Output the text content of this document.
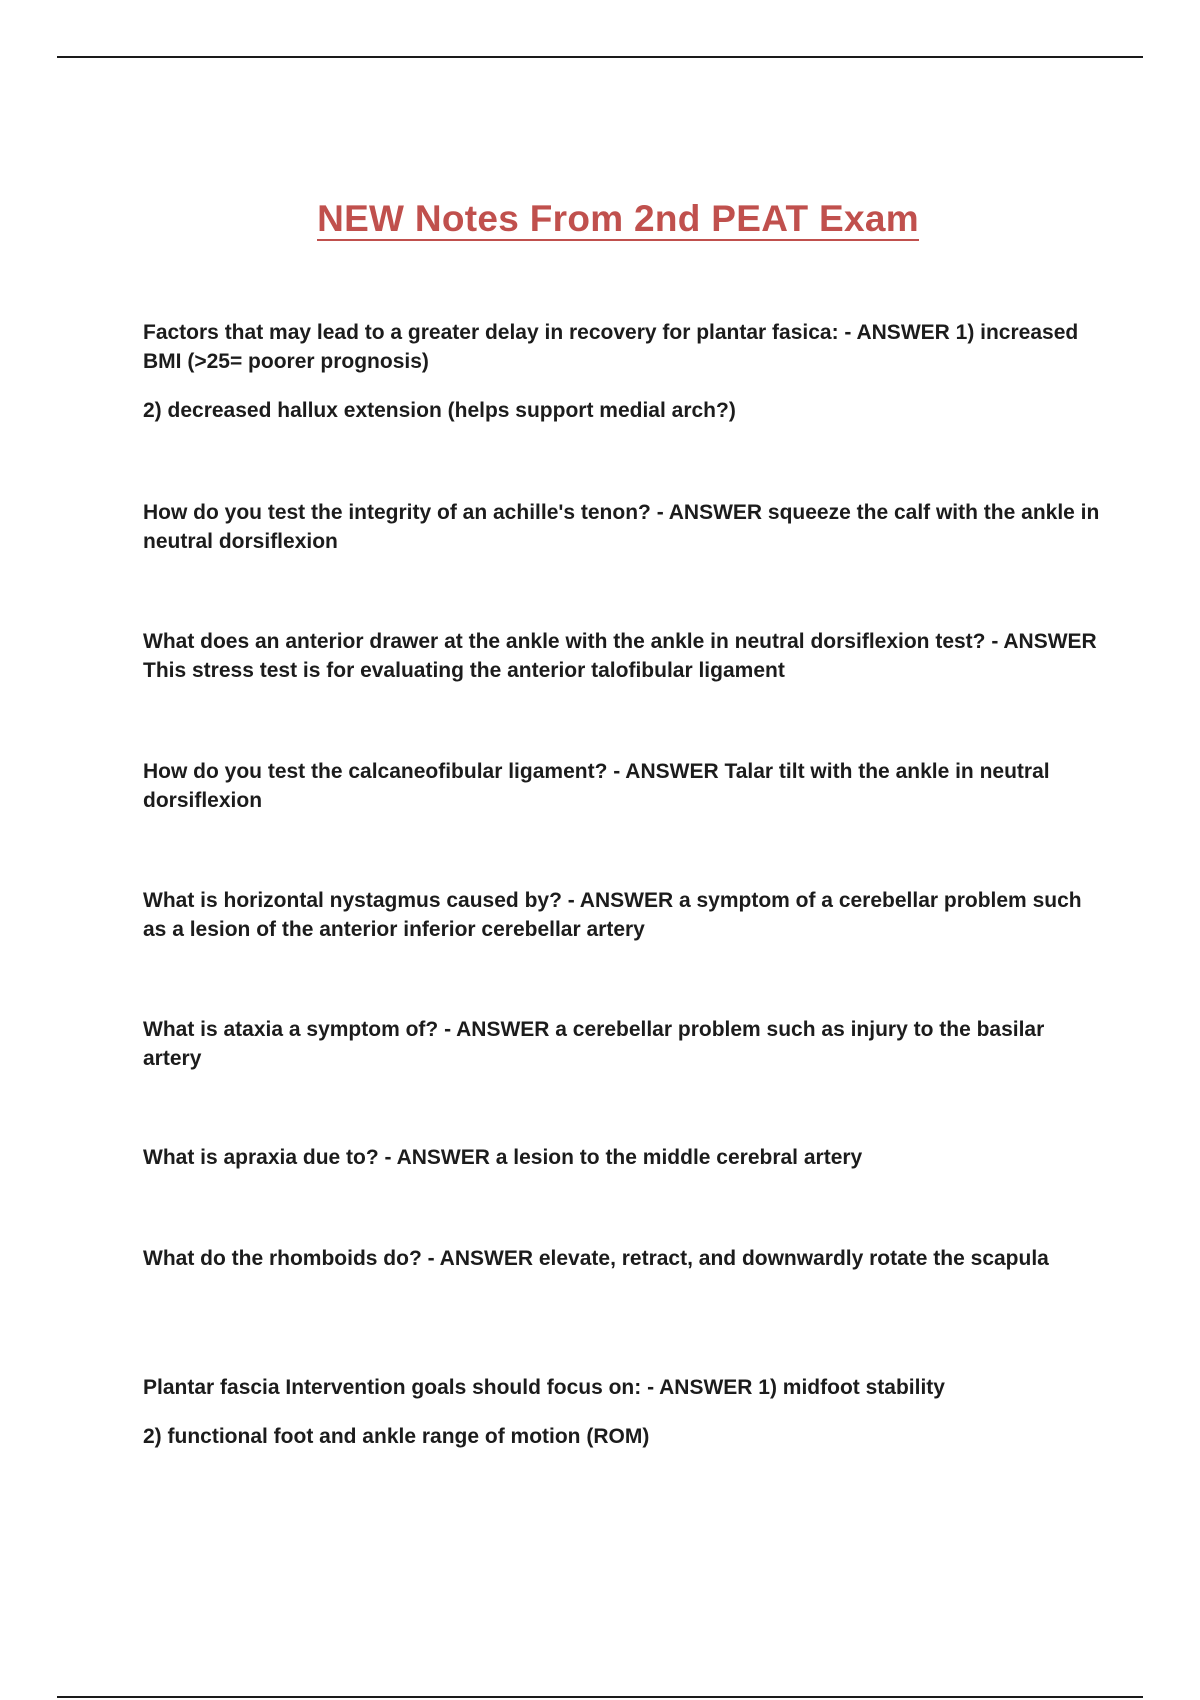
NEW Notes From 2nd PEAT Exam

Factors that may lead to a greater delay in recovery for plantar fasica: - ANSWER 1) increased BMI (>25= poorer prognosis)

2) decreased hallux extension (helps support medial arch?)

How do you test the integrity of an achille's tenon? - ANSWER squeeze the calf with the ankle in neutral dorsiflexion

What does an anterior drawer at the ankle with the ankle in neutral dorsiflexion test? - ANSWER This stress test is for evaluating the anterior talofibular ligament

How do you test the calcaneofibular ligament? - ANSWER Talar tilt with the ankle in neutral dorsiflexion

What is horizontal nystagmus caused by? - ANSWER a symptom of a cerebellar problem such as a lesion of the anterior inferior cerebellar artery

What is ataxia a symptom of? - ANSWER a cerebellar problem such as injury to the basilar artery

What is apraxia due to? - ANSWER a lesion to the middle cerebral artery

What do the rhomboids do? - ANSWER elevate, retract, and downwardly rotate the scapula

Plantar fascia Intervention goals should focus on: - ANSWER 1) midfoot stability

2) functional foot and ankle range of motion (ROM)
